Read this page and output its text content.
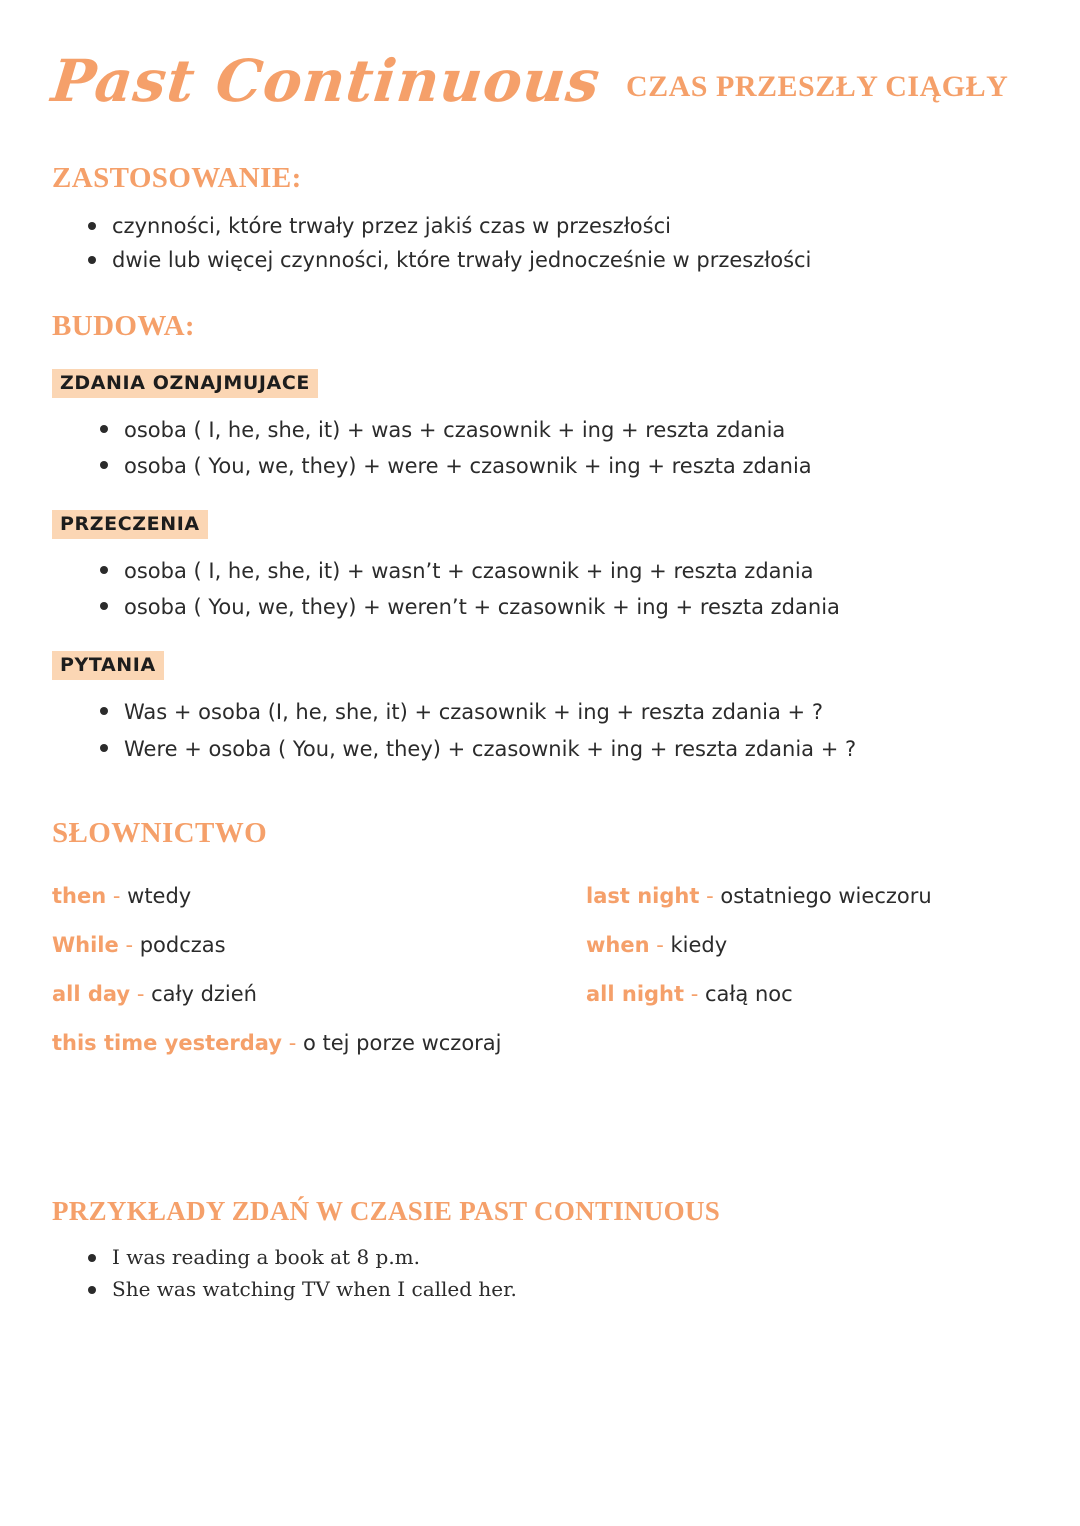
Past Continuous CZAS PRZESZŁY CIĄGŁY
ZASTOSOWANIE:
czynności, które trwały przez jakiś czas w przeszłości
dwie lub więcej czynności, które trwały jednocześnie w przeszłości
BUDOWA:
ZDANIA OZNAJMUJACE
osoba ( I, he, she, it) + was + czasownik + ing + reszta zdania
osoba ( You, we, they) + were + czasownik + ing + reszta zdania
PRZECZENIA
osoba ( I, he, she, it) + wasn’t + czasownik + ing + reszta zdania
osoba ( You, we, they) + weren’t + czasownik + ing + reszta zdania
PYTANIA
Was + osoba (I, he, she, it) + czasownik + ing + reszta zdania + ?
Were + osoba ( You, we, they) + czasownik + ing + reszta zdania + ?
SŁOWNICTWO
then - wtedy	last night - ostatniego wieczoru
While - podczas	when - kiedy
all day - cały dzień	all night - całą noc
this time yesterday - o tej porze wczoraj
PRZYKŁADY ZDAŃ W CZASIE PAST CONTINUOUS
I was reading a book at 8 p.m.
She was watching TV when I called her.
